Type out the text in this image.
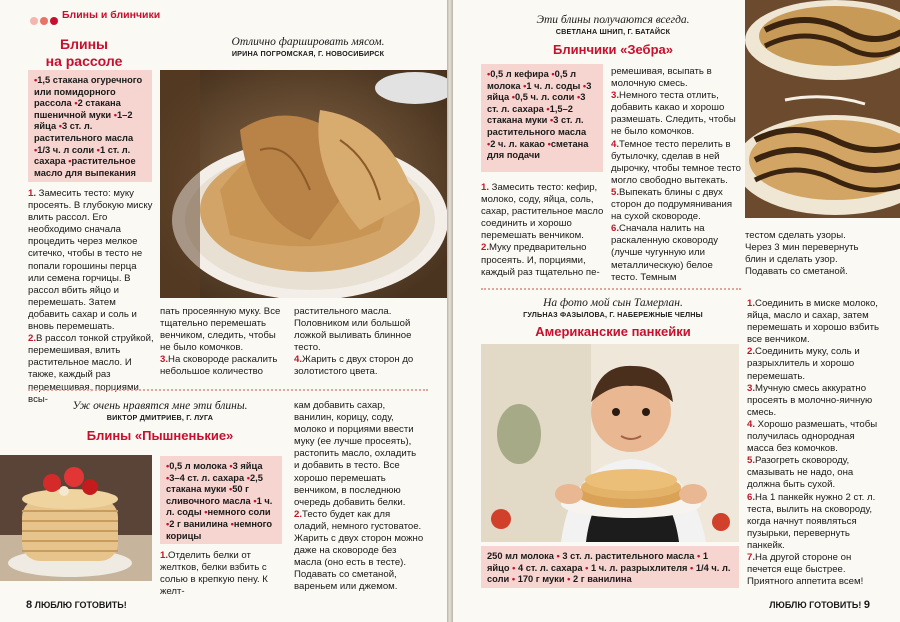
Блины и блинчики
Блины
на рассоле
Отлично фаршировать мясом.
ИРИНА ПОГРОМСКАЯ, Г. НОВОСИБИРСК
•1,5 стакана огуречного или помидорного рассола •2 стакана пшеничной муки •1–2 яйца •3 ст. л. растительного масла •1/3 ч. л соли •1 ст. л. сахара •растительное масло для выпекания

1. Замесить тесто: муку просеять. В глубокую миску влить рассол. Его необходимо сначала процедить через мелкое ситечко, чтобы в тесто не попали горошины перца или семена горчицы. В рассол вбить яйцо и перемешать. Затем добавить сахар и соль и вновь перемешать.
2.В рассол тонкой струйкой, перемешивая, влить растительное масло. И также, каждый раз перемешивая, порциями вcы-

пать просеянную муку. Все тщательно перемешать венчиком, следить, чтобы не было комочков.
3.На сковороде раскалить небольшое количество

растительного масла. Половником или большой ложкой выливать блинное тесто.
4.Жарить с двух сторон до золотистого цвета.

Уж очень нравятся мне эти блины.
ВИКТОР ДМИТРИЕВ, Г. ЛУГА
Блины «Пышненькие»
•0,5 л молока •3 яйца •3–4 ст. л. сахара •2,5 стакана муки •50 г сливочного масла •1 ч. л. соды •немного соли •2 г ванилина •немного корицы

1.Отделить белки от желтков, белки взбить с солью в крепкую пену. К желт-

кам добавить сахар, ванилин, корицу, соду, молоко и порциями ввести муку (ее лучше просеять), растопить масло, охладить и добавить в тесто. Все хорошо перемешать венчиком, в последнюю очередь добавить белки.
2.Тесто будет как для оладий, немного густоватое. Жарить с двух сторон можно даже на сковороде без масла (оно есть в тесте). Подавать со сметаной, вареньем или джемом.

8 ЛЮБЛЮ ГОТОВИТЬ!
Эти блины получаются всегда.
СВЕТЛАНА ШНИП, Г. БАТАЙСК
Блинчики «Зебра»
•0,5 л кефира •0,5 л молока •1 ч. л. соды •3 яйца •0,5 ч. л. соли •3 ст. л. сахара •1,5–2 стакана муки •3 ст. л. растительного масла •2 ч. л. какао •сметана для подачи

1. Замесить тесто: кефир, молоко, соду, яйца, соль, сахар, растительное масло соединить и хорошо перемешать венчиком.
2.Муку предварительно просеять. И, порциями, каждый раз тщательно пе-

ремешивая, всыпать в молочную смесь.
3.Немного теста отлить, добавить какао и хорошо размешать. Следить, чтобы не было комочков.
4.Темное тесто перелить в бутылочку, сделав в ней дырочку, чтобы темное тесто могло свободно вытекать.
5.Выпекать блины с двух сторон до подрумянивания на сухой сковороде.
6.Сначала налить на раскаленную сковороду (лучше чугунную или металлическую) белое тесто. Темным

тестом сделать узоры. Через 3 мин перевернуть блин и сделать узор. Подавать со сметаной.

На фото мой сын Тамерлан.
ГУЛЬНАЗ ФАЗЫЛОВА, Г. НАБЕРЕЖНЫЕ ЧЕЛНЫ
Американские панкейки

1.Соединить в миске молоко, яйца, масло и сахар, затем перемешать и хорошо взбить все венчиком.
2.Соединить муку, соль и разрыхлитель и хорошо перемешать.
3.Мучную смесь аккуратно просеять в молочно-яичную смесь.
4. Хорошо размешать, чтобы получилась однородная масса без комочков.
5.Разогреть сковороду, смазывать не надо, она должна быть сухой.
6.На 1 панкейк нужно 2 ст. л. теста, вылить на сковороду, когда начнут появляться пузырьки, перевернуть панкейк.
7.На другой стороне он печется еще быстрее. Приятного аппетита всем!

250 мл молока • 3 ст. л. растительного масла • 1 яйцо • 4 ст. л. сахара • 1 ч. л. разрыхлителя • 1/4 ч. л. соли • 170 г муки • 2 г ванилина
ЛЮБЛЮ ГОТОВИТЬ! 9
